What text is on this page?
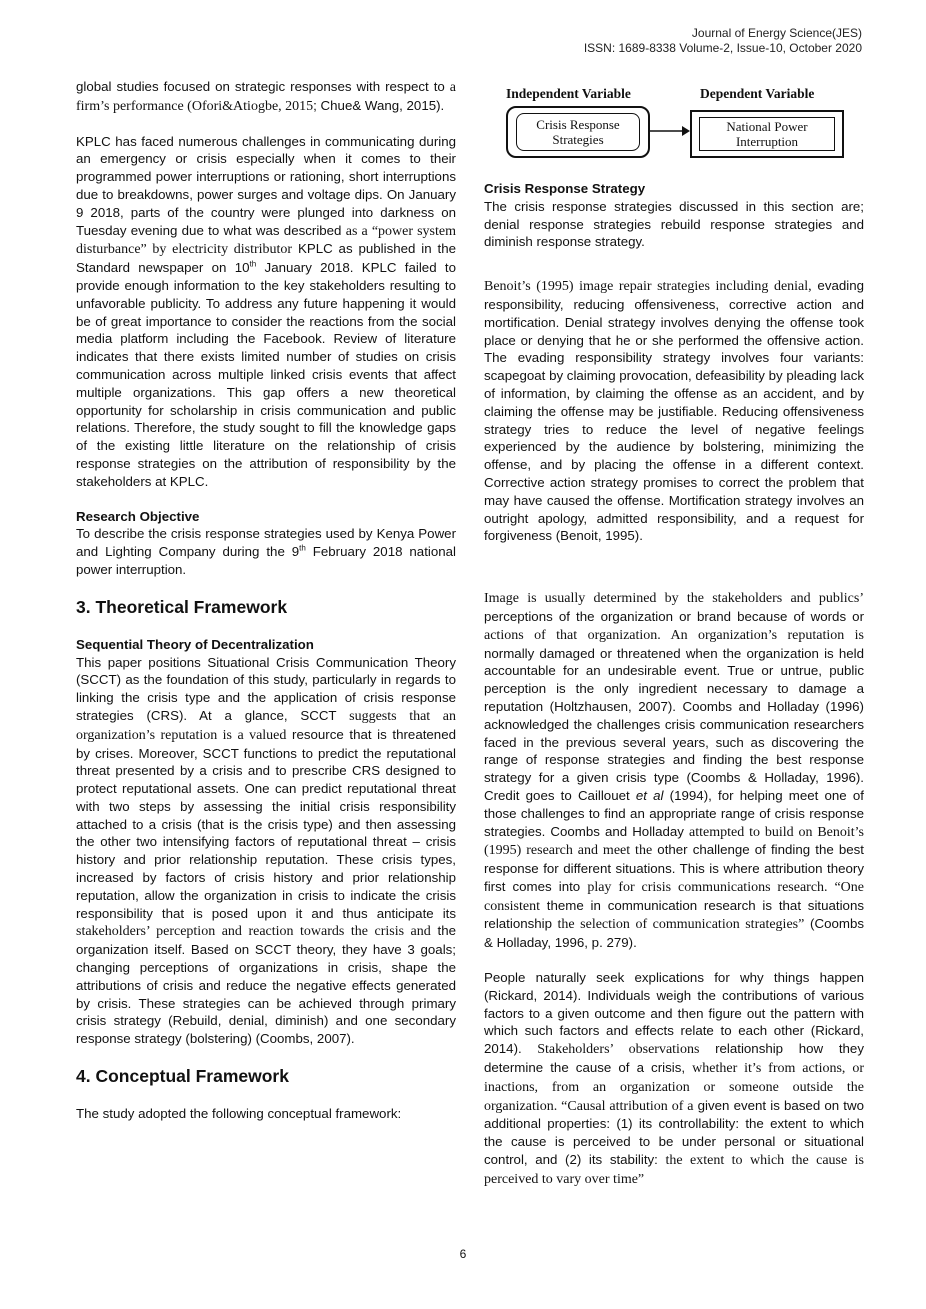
Journal of Energy Science(JES)
ISSN: 1689-8338 Volume-2, Issue-10, October 2020

global studies focused on strategic responses with respect to a firm’s performance (Ofori&Atiogbe, 2015; Chue& Wang, 2015).

KPLC has faced numerous challenges in communicating during an emergency or crisis especially when it comes to their programmed power interruptions or rationing, short interruptions due to breakdowns, power surges and voltage dips. On January 9 2018, parts of the country were plunged into darkness on Tuesday evening due to what was described as a “power system disturbance” by electricity distributor KPLC as published in the Standard newspaper on 10th January 2018. KPLC failed to provide enough information to the key stakeholders resulting to unfavorable publicity. To address any future happening it would be of great importance to consider the reactions from the social media platform including the Facebook. Review of literature indicates that there exists limited number of studies on crisis communication across multiple linked crisis events that affect multiple organizations. This gap offers a new theoretical opportunity for scholarship in crisis communication and public relations. Therefore, the study sought to fill the knowledge gaps of the existing little literature on the relationship of crisis response strategies on the attribution of responsibility by the stakeholders at KPLC.

Research Objective

To describe the crisis response strategies used by Kenya Power and Lighting Company during the 9th February 2018 national power interruption.

3. Theoretical Framework
Sequential Theory of Decentralization

This paper positions Situational Crisis Communication Theory (SCCT) as the foundation of this study, particularly in regards to linking the crisis type and the application of crisis response strategies (CRS). At a glance, SCCT suggests that an organization’s reputation is a valued resource that is threatened by crises. Moreover, SCCT functions to predict the reputational threat presented by a crisis and to prescribe CRS designed to protect reputational assets. One can predict reputational threat with two steps by assessing the initial crisis responsibility attached to a crisis (that is the crisis type) and then assessing the other two intensifying factors of reputational threat – crisis history and prior relationship reputation. These crisis types, increased by factors of crisis history and prior relationship reputation, allow the organization in crisis to indicate the crisis responsibility that is posed upon it and thus anticipate its stakeholders’ perception and reaction towards the crisis and the organization itself. Based on SCCT theory, they have 3 goals; changing perceptions of organizations in crisis, shape the attributions of crisis and reduce the negative effects generated by crisis. These strategies can be achieved through primary crisis strategy (Rebuild, denial, diminish) and one secondary response strategy (bolstering) (Coombs, 2007).

4. Conceptual Framework

The study adopted the following conceptual framework:

Independent Variable	Dependent Variable
Crisis Response Strategies
National Power Interruption
Crisis Response Strategy

The crisis response strategies discussed in this section are; denial response strategies rebuild response strategies and diminish response strategy.

Benoit’s (1995) image repair strategies including denial, evading responsibility, reducing offensiveness, corrective action and mortification. Denial strategy involves denying the offense took place or denying that he or she performed the offensive action. The evading responsibility strategy involves four variants: scapegoat by claiming provocation, defeasibility by pleading lack of information, by claiming the offense as an accident, and by claiming the offense may be justifiable. Reducing offensiveness strategy tries to reduce the level of negative feelings experienced by the audience by bolstering, minimizing the offense, and by placing the offense in a different context. Corrective action strategy promises to correct the problem that may have caused the offense. Mortification strategy involves an outright apology, admitted responsibility, and a request for forgiveness (Benoit, 1995).

Image is usually determined by the stakeholders and publics’ perceptions of the organization or brand because of words or actions of that organization. An organization’s reputation is normally damaged or threatened when the organization is held accountable for an undesirable event. True or untrue, public perception is the only ingredient necessary to damage a reputation (Holtzhausen, 2007). Coombs and Holladay (1996) acknowledged the challenges crisis communication researchers faced in the previous several years, such as discovering the range of response strategies and finding the best response strategy for a given crisis type (Coombs & Holladay, 1996). Credit goes to Caillouet et al (1994), for helping meet one of those challenges to find an appropriate range of crisis response strategies. Coombs and Holladay attempted to build on Benoit’s (1995) research and meet the other challenge of finding the best response for different situations. This is where attribution theory first comes into play for crisis communications research. “One consistent theme in communication research is that situations relationship the selection of communication strategies” (Coombs & Holladay, 1996, p. 279).

People naturally seek explications for why things happen (Rickard, 2014). Individuals weigh the contributions of various factors to a given outcome and then figure out the pattern with which such factors and effects relate to each other (Rickard, 2014). Stakeholders’ observations relationship how they determine the cause of a crisis, whether it’s from actions, or inactions, from an organization or someone outside the organization. “Causal attribution of a given event is based on two additional properties: (1) its controllability: the extent to which the cause is perceived to be under personal or situational control, and (2) its stability: the extent to which the cause is perceived to vary over time”

6
